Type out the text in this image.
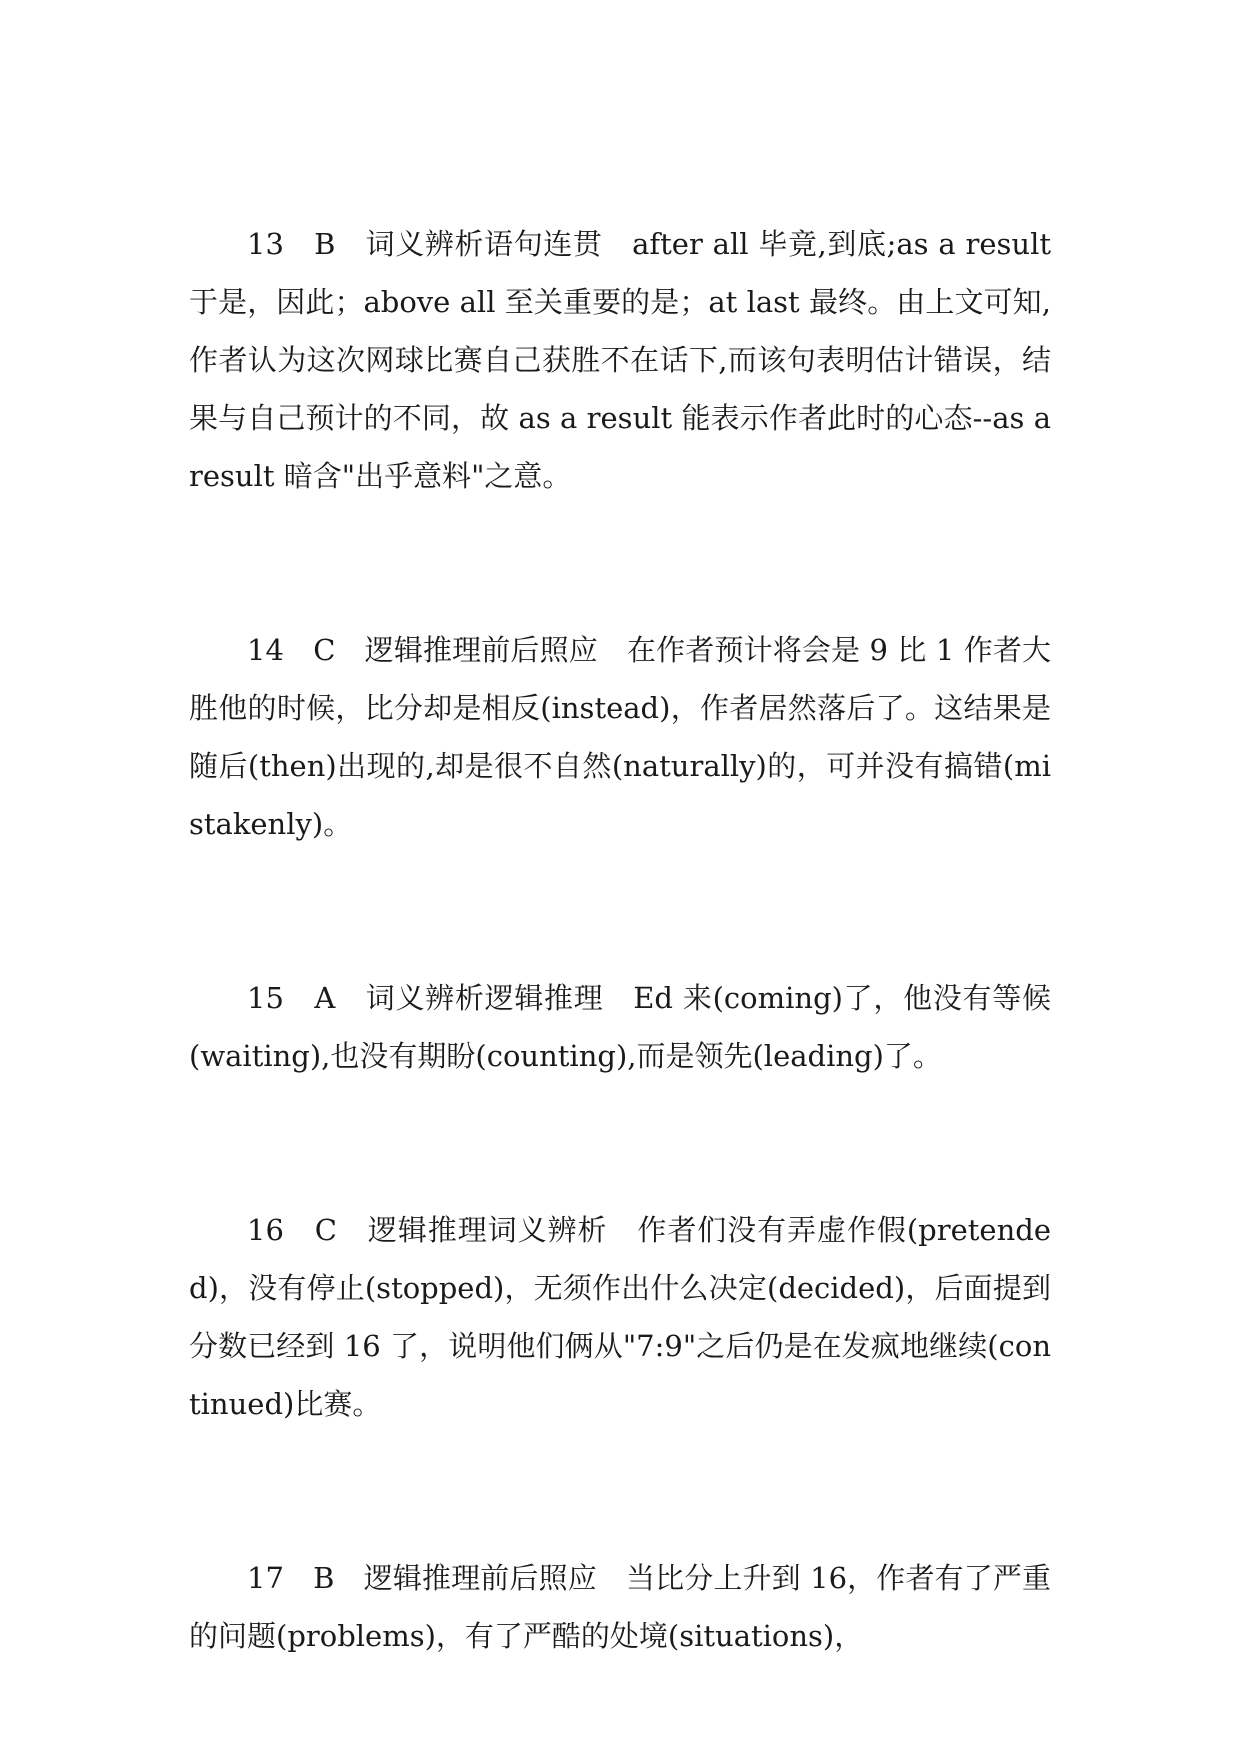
13　B　词义辨析语句连贯　after all 毕竟,到底;as a result 于是，因此；above all 至关重要的是；at last 最终。由上文可知,作者认为这次网球比赛自己获胜不在话下,而该句表明估计错误，结果与自己预计的不同，故 as a result 能表示作者此时的心态--as a result 暗含"出乎意料"之意。

14　C　逻辑推理前后照应　在作者预计将会是 9 比 1 作者大胜他的时候，比分却是相反(instead)，作者居然落后了。这结果是随后(then)出现的,却是很不自然(naturally)的，可并没有搞错(mistakenly)。

15　A　词义辨析逻辑推理　Ed 来(coming)了，他没有等候(waiting),也没有期盼(counting),而是领先(leading)了。

16　C　逻辑推理词义辨析　作者们没有弄虚作假(pretended)，没有停止(stopped)，无须作出什么决定(decided)，后面提到分数已经到 16 了，说明他们俩从"7:9"之后仍是在发疯地继续(continued)比赛。

17　B　逻辑推理前后照应　当比分上升到 16，作者有了严重的问题(problems)，有了严酷的处境(situations)，
